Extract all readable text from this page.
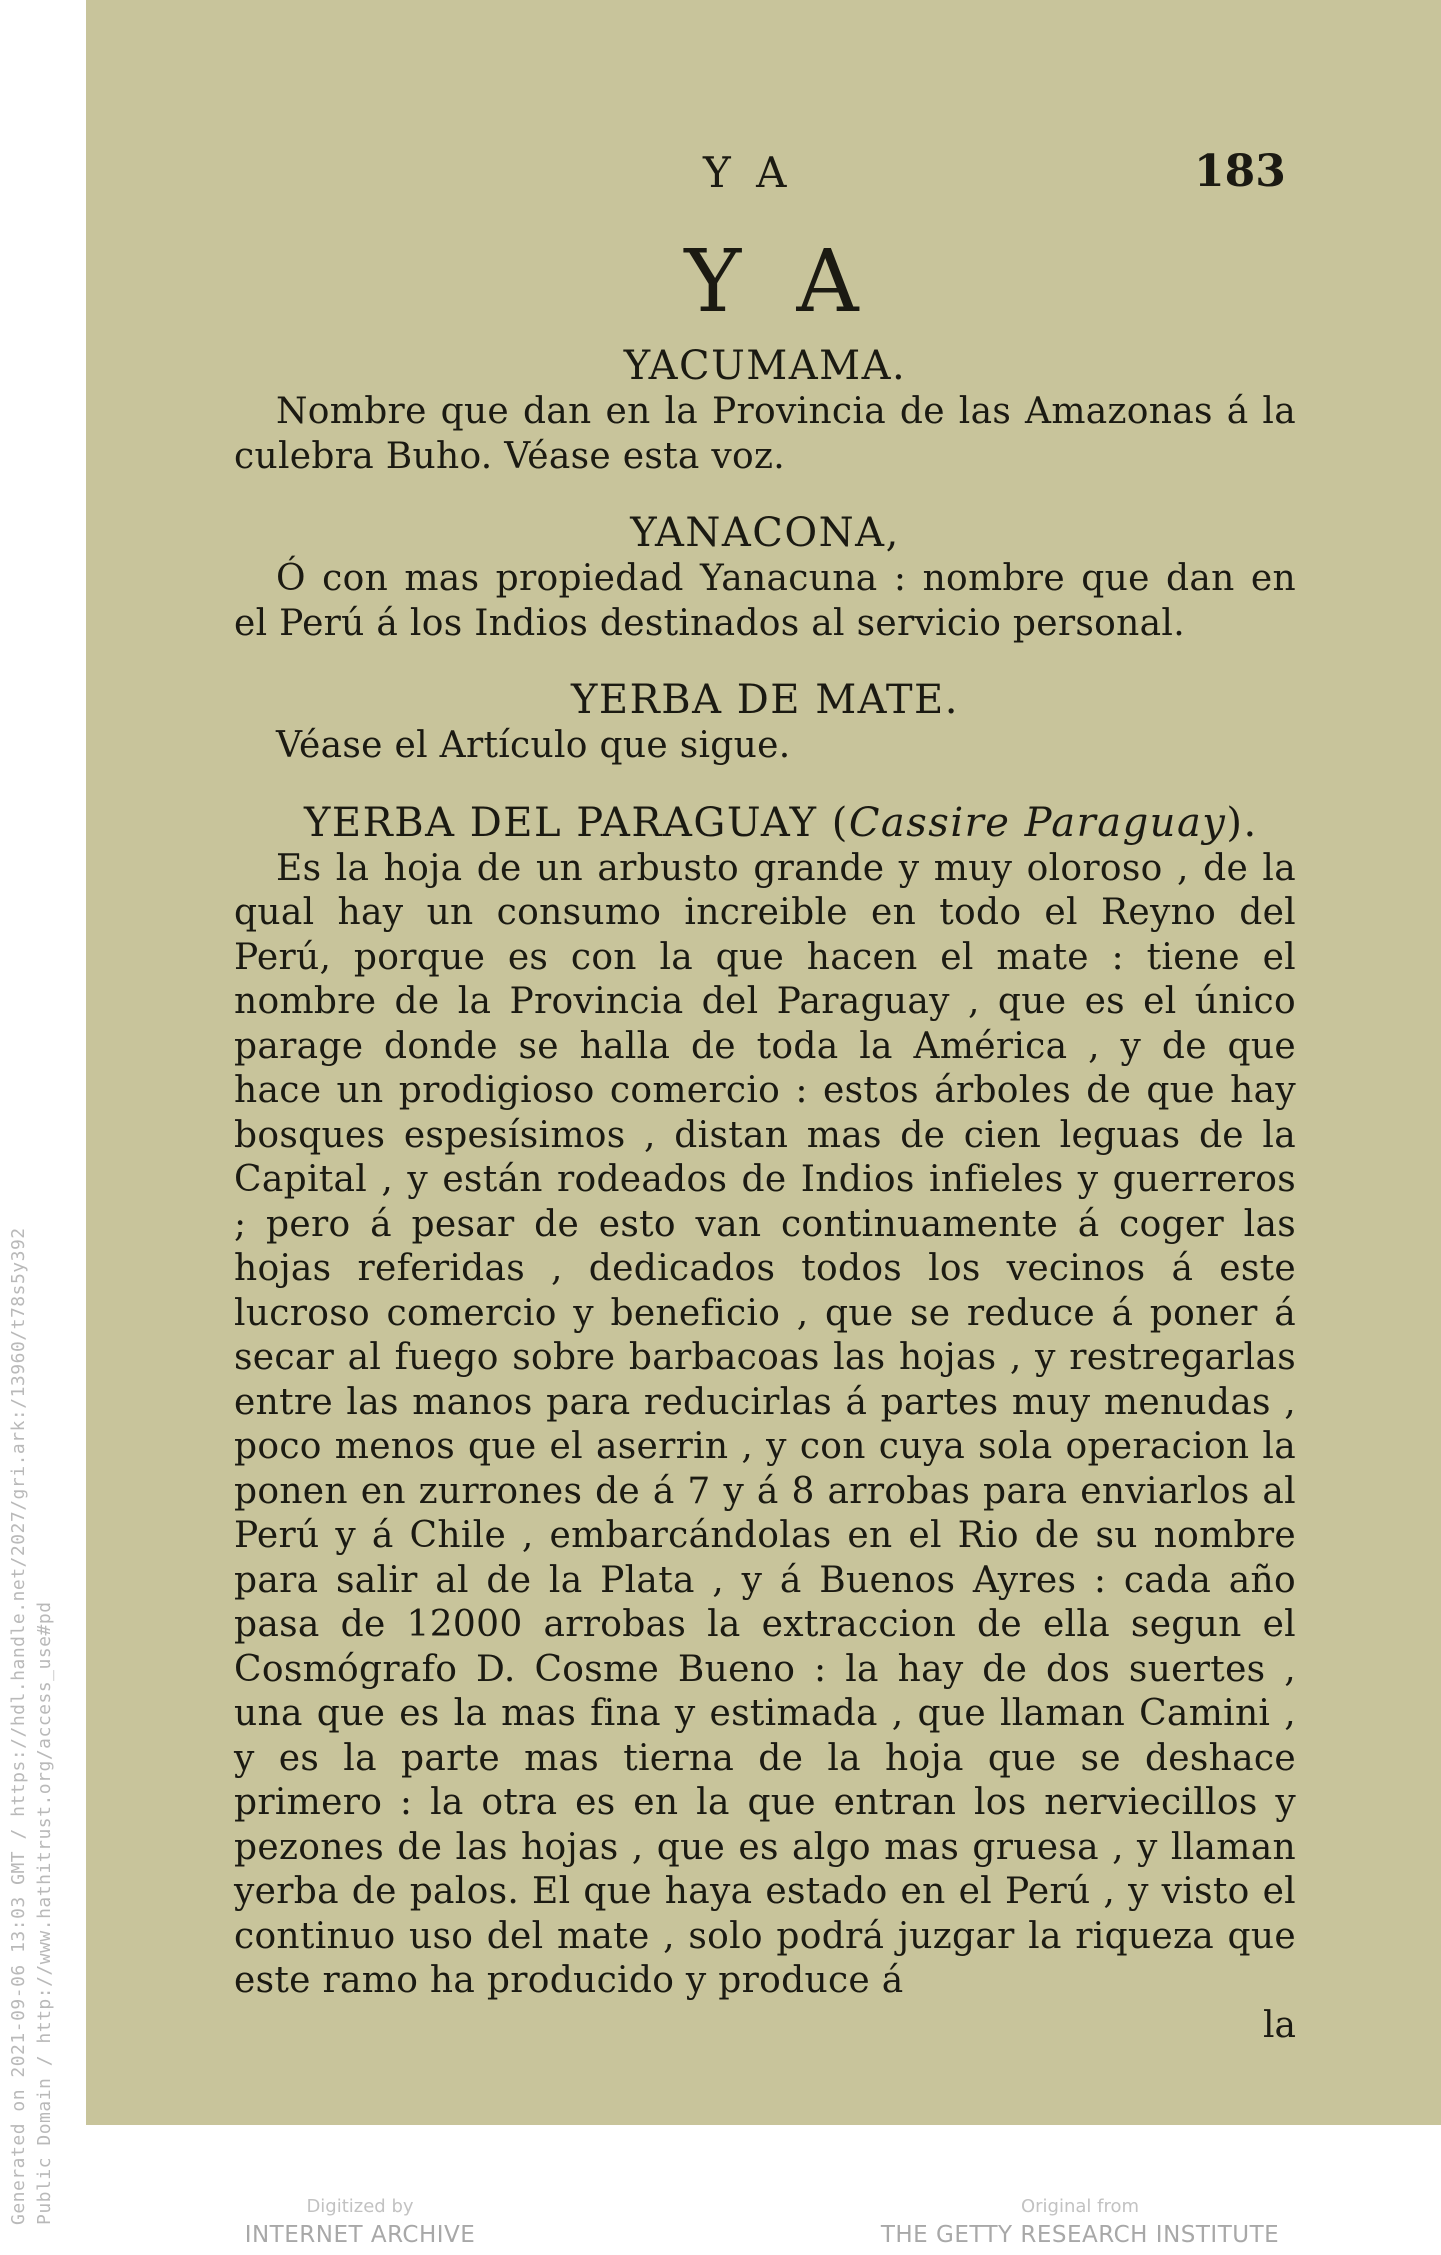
Generated on 2021-09-06 13:03 GMT / https://hdl.handle.net/2027/gri.ark:/13960/t78s5y392 Public Domain / http://www.hathitrust.org/access_use#pd
Y A	183
Y A

YACUMAMA.

Nombre que dan en la Provincia de las Amazonas á la culebra Buho. Véase esta voz.

YANACONA,

Ó con mas propiedad Yanacuna : nombre que dan en el Perú á los Indios destinados al servicio personal.

YERBA DE MATE.

Véase el Artículo que sigue.

YERBA DEL PARAGUAY (Cassire Paraguay).

Es la hoja de un arbusto grande y muy oloroso , de la qual hay un consumo increible en todo el Reyno del Perú, porque es con la que hacen el mate : tiene el nombre de la Provincia del Paraguay , que es el único parage donde se halla de toda la América , y de que hace un prodigioso comercio : estos árboles de que hay bosques espesísimos , distan mas de cien leguas de la Capital , y están rodeados de Indios infieles y guerreros ; pero á pesar de esto van continuamente á coger las hojas referidas , dedicados todos los vecinos á este lucroso comercio y beneficio , que se reduce á poner á secar al fuego sobre barbacoas las hojas , y restregarlas entre las manos para reducirlas á partes muy menudas , poco menos que el aserrin , y con cuya sola operacion la ponen en zurrones de á 7 y á 8 arrobas para enviarlos al Perú y á Chile , embarcándolas en el Rio de su nombre para salir al de la Plata , y á Buenos Ayres : cada año pasa de 12000 arrobas la extraccion de ella segun el Cosmógrafo D. Cosme Bueno : la hay de dos suertes , una que es la mas fina y estimada , que llaman Camini , y es la parte mas tierna de la hoja que se deshace primero : la otra es en la que entran los nerviecillos y pezones de las hojas , que es algo mas gruesa , y llaman yerba de palos. El que haya estado en el Perú , y visto el continuo uso del mate , solo podrá juzgar la riqueza que este ramo ha producido y produce á

la

Digitized by
INTERNET ARCHIVE
Original from
THE GETTY RESEARCH INSTITUTE
